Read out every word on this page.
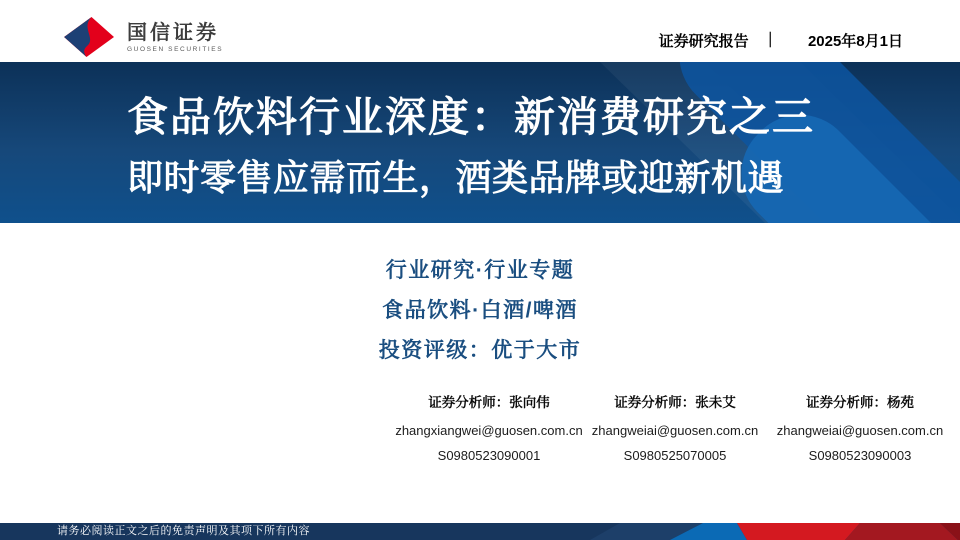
国信证券
GUOSEN SECURITIES	证券研究报告 ｜ 2025年8月1日
食品饮料行业深度：新消费研究之三
即时零售应需而生，酒类品牌或迎新机遇
行业研究·行业专题
食品饮料·白酒/啤酒
投资评级：优于大市
证券分析师：张向伟
zhangxiangwei@guosen.com.cn
S0980523090001
证券分析师：张未艾
zhangweiai@guosen.com.cn
S0980525070005
证券分析师：杨苑
zhangweiai@guosen.com.cn
S0980523090003
请务必阅读正文之后的免责声明及其项下所有内容
